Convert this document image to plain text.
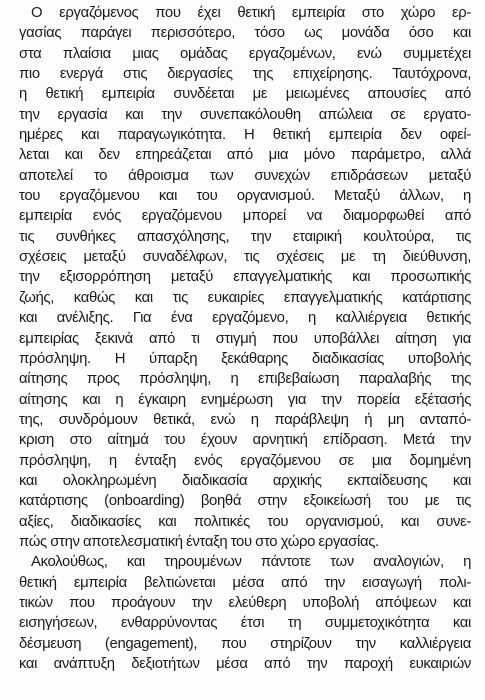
Ο εργαζόμενος που έχει θετική εμπειρία στο χώρο ερ-
γασίας παράγει περισσότερο, τόσο ως μονάδα όσο και
στα πλαίσια μιας ομάδας εργαζομένων, ενώ συμμετέχει
πιο ενεργά στις διεργασίες της επιχείρησης. Ταυτόχρονα,
η θετική εμπειρία συνδέεται με μειωμένες απουσίες από
την εργασία και την συνεπακόλουθη απώλεια σε εργατο-
ημέρες και παραγωγικότητα. Η θετική εμπειρία δεν οφεί-
λεται και δεν επηρεάζεται από μια μόνο παράμετρο, αλλά
αποτελεί το άθροισμα των συνεχών επιδράσεων μεταξύ
του εργαζόμενου και του οργανισμού. Μεταξύ άλλων, η
εμπειρία ενός εργαζόμενου μπορεί να διαμορφωθεί από
τις συνθήκες απασχόλησης, την εταιρική κουλτούρα, τις
σχέσεις μεταξύ συναδέλφων, τις σχέσεις με τη διεύθυνση,
την εξισορρόπηση μεταξύ επαγγελματικής και προσωπικής
ζωής, καθώς και τις ευκαιρίες επαγγελματικής κατάρτισης
και ανέλιξης. Για ένα εργαζόμενο, η καλλιέργεια θετικής
εμπειρίας ξεκινά από τι στιγμή που υποβάλλει αίτηση για
πρόσληψη. Η ύπαρξη ξεκάθαρης διαδικασίας υποβολής
αίτησης προς πρόσληψη, η επιβεβαίωση παραλαβής της
αίτησης και η έγκαιρη ενημέρωση για την πορεία εξέτασής
της, συνδρόμουν θετικά, ενώ η παράβλεψη ή μη ανταπό-
κριση στο αίτημά του έχουν αρνητική επίδραση. Μετά την
πρόσληψη, η ένταξη ενός εργαζόμενου σε μια δομημένη
και ολοκληρωμένη διαδικασία αρχικής εκπαίδευσης και
κατάρτισης (onboarding) βοηθά στην εξοικείωσή του με τις
αξίες, διαδικασίες και πολιτικές του οργανισμού, και συνε-
πώς στην αποτελεσματική ένταξη του στο χώρο εργασίας.
Ακολούθως, και τηρουμένων πάντοτε των αναλογιών, η
θετική εμπειρία βελτιώνεται μέσα από την εισαγωγή πολι-
τικών που προάγουν την ελεύθερη υποβολή απόψεων και
εισηγήσεων, ενθαρρύνοντας έτσι τη συμμετοχικότητα και
δέσμευση (engagement), που στηρίζουν την καλλιέργεια
και ανάπτυξη δεξιοτήτων μέσα από την παροχή ευκαιριών
